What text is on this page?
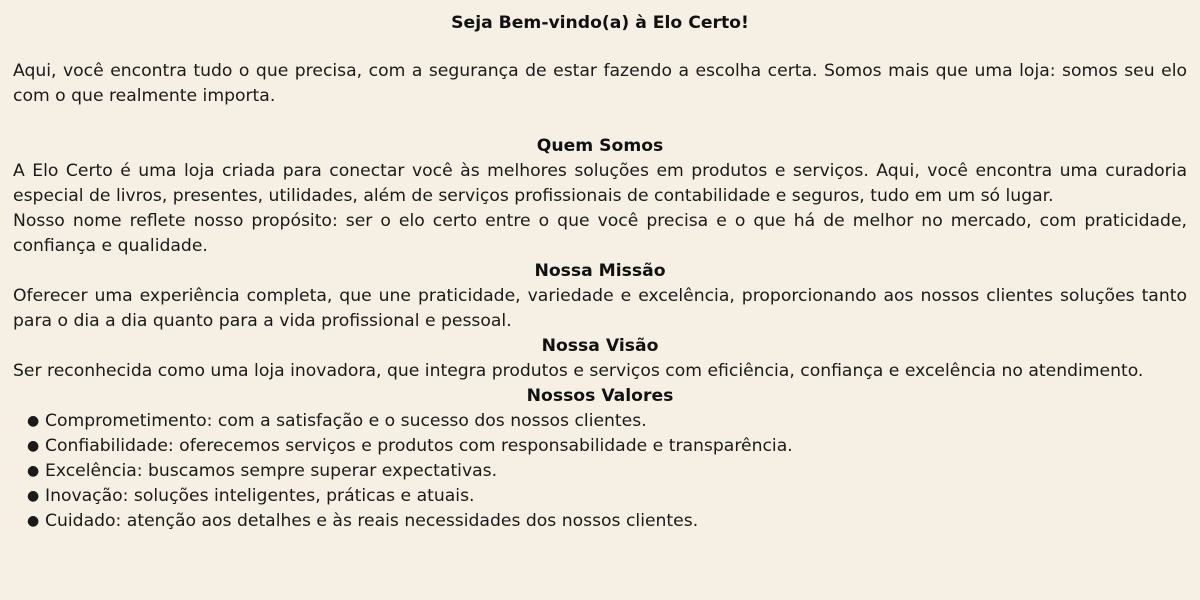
Seja Bem-vindo(a) à Elo Certo!

Aqui, você encontra tudo o que precisa, com a segurança de estar fazendo a escolha certa. Somos mais que uma loja: somos seu elo com o que realmente importa.

Quem Somos

A Elo Certo é uma loja criada para conectar você às melhores soluções em produtos e serviços. Aqui, você encontra uma curadoria especial de livros, presentes, utilidades, além de serviços profissionais de contabilidade e seguros, tudo em um só lugar.

Nosso nome reflete nosso propósito: ser o elo certo entre o que você precisa e o que há de melhor no mercado, com praticidade, confiança e qualidade.

Nossa Missão

Oferecer uma experiência completa, que une praticidade, variedade e excelência, proporcionando aos nossos clientes soluções tanto para o dia a dia quanto para a vida profissional e pessoal.

Nossa Visão

Ser reconhecida como uma loja inovadora, que integra produtos e serviços com eficiência, confiança e excelência no atendimento.

Nossos Valores
● Comprometimento: com a satisfação e o sucesso dos nossos clientes.
● Confiabilidade: oferecemos serviços e produtos com responsabilidade e transparência.
● Excelência: buscamos sempre superar expectativas.
● Inovação: soluções inteligentes, práticas e atuais.
● Cuidado: atenção aos detalhes e às reais necessidades dos nossos clientes.
